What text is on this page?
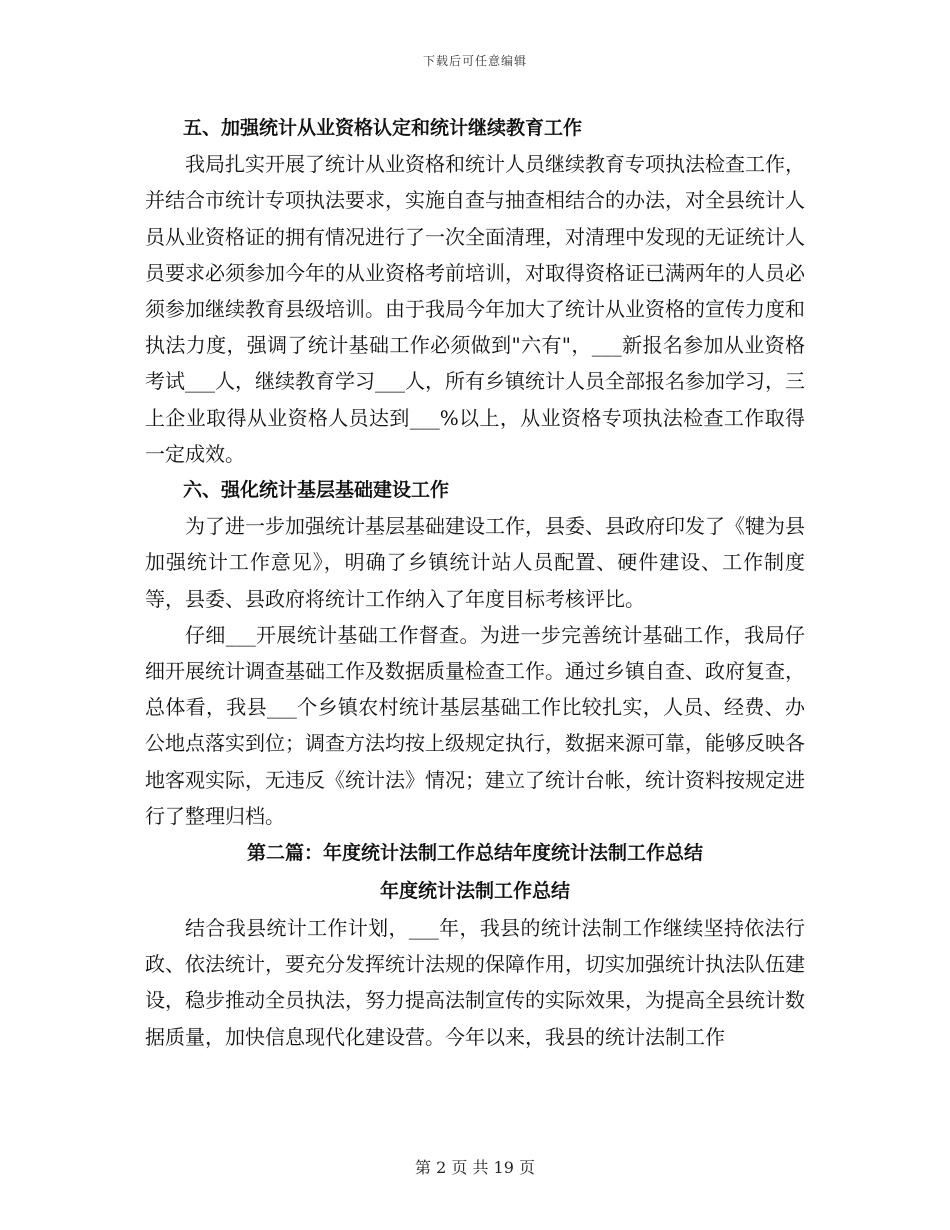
下载后可任意编辑

五、加强统计从业资格认定和统计继续教育工作

我局扎实开展了统计从业资格和统计人员继续教育专项执法检查工作，并结合市统计专项执法要求，实施自查与抽查相结合的办法，对全县统计人员从业资格证的拥有情况进行了一次全面清理，对清理中发现的无证统计人员要求必须参加今年的从业资格考前培训，对取得资格证已满两年的人员必须参加继续教育县级培训。由于我局今年加大了统计从业资格的宣传力度和执法力度，强调了统计基础工作必须做到"六有"，___新报名参加从业资格考试___人，继续教育学习___人，所有乡镇统计人员全部报名参加学习，三上企业取得从业资格人员达到___%以上，从业资格专项执法检查工作取得一定成效。

六、强化统计基层基础建设工作

为了进一步加强统计基层基础建设工作，县委、县政府印发了《犍为县加强统计工作意见》，明确了乡镇统计站人员配置、硬件建设、工作制度等，县委、县政府将统计工作纳入了年度目标考核评比。

仔细___开展统计基础工作督查。为进一步完善统计基础工作，我局仔细开展统计调查基础工作及数据质量检查工作。通过乡镇自查、政府复查，总体看，我县___个乡镇农村统计基层基础工作比较扎实，人员、经费、办公地点落实到位；调查方法均按上级规定执行，数据来源可靠，能够反映各地客观实际，无违反《统计法》情况；建立了统计台帐，统计资料按规定进行了整理归档。

第二篇：年度统计法制工作总结年度统计法制工作总结

年度统计法制工作总结

结合我县统计工作计划，___年，我县的统计法制工作继续坚持依法行政、依法统计，要充分发挥统计法规的保障作用，切实加强统计执法队伍建设，稳步推动全员执法，努力提高法制宣传的实际效果，为提高全县统计数据质量，加快信息现代化建设营。今年以来，我县的统计法制工作

第 2 页 共 19 页
